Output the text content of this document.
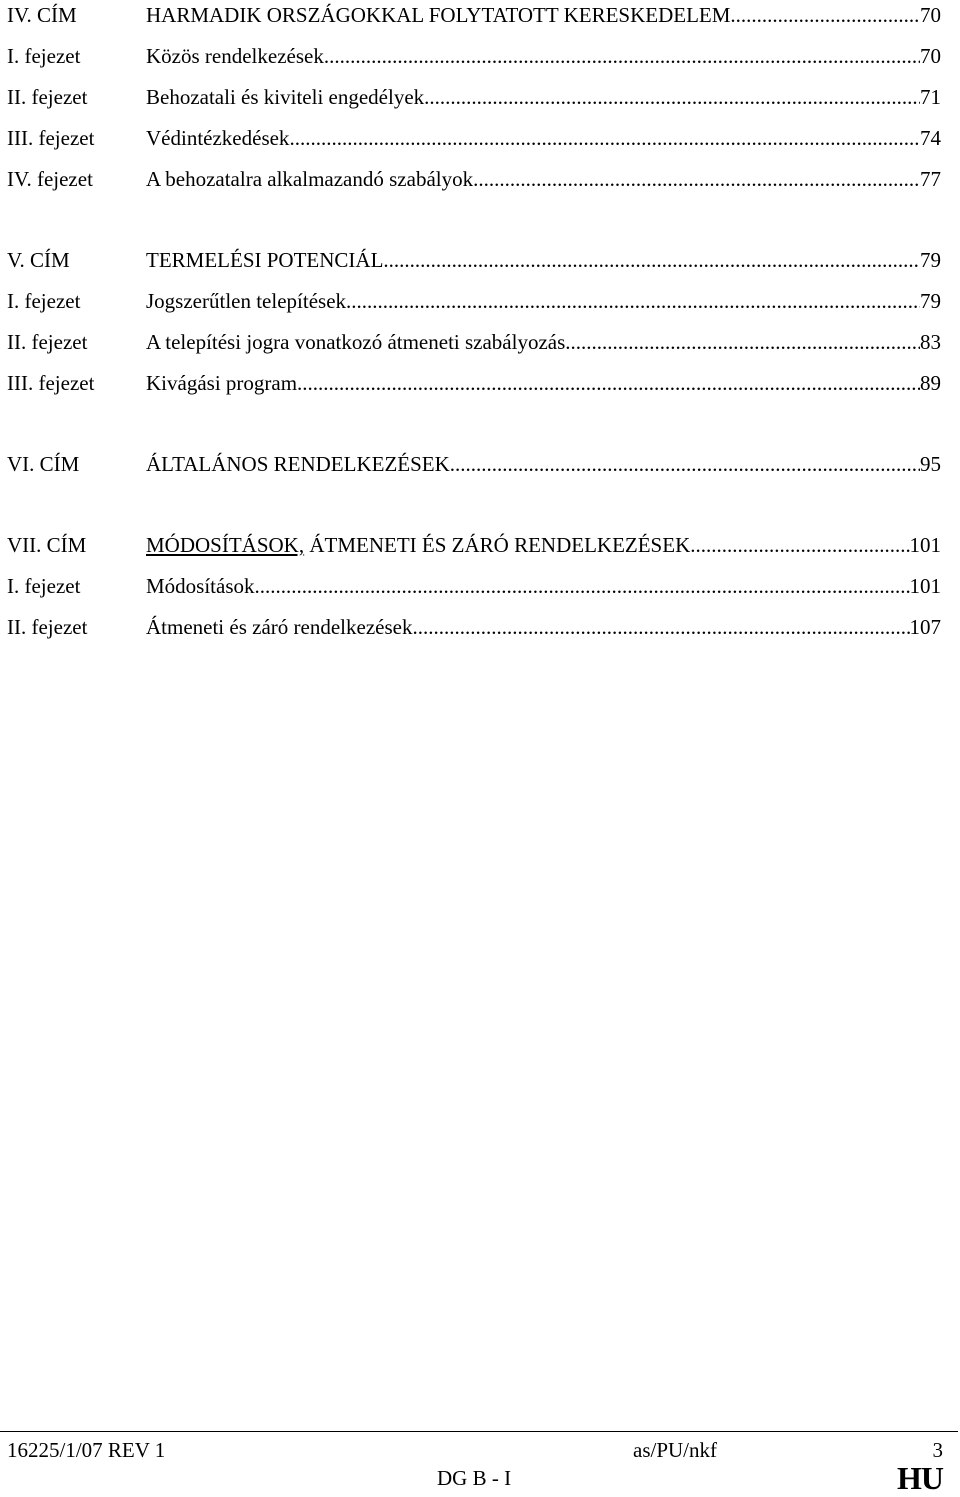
IV. CÍM	HARMADIK ORSZÁGOKKAL FOLYTATOTT KERESKEDELEM .....	70
I. fejezet	Közös rendelkezések .....	70
II. fejezet	Behozatali és kiviteli engedélyek .....	71
III. fejezet	Védintézkedések .....	74
IV. fejezet	A behozatalra alkalmazandó szabályok .....	77
V. CÍM	TERMELÉSI POTENCIÁL .....	79
I. fejezet	Jogszerűtlen telepítések .....	79
II. fejezet	A telepítési jogra vonatkozó átmeneti szabályozás .....	83
III. fejezet	Kivágási program .....	89
VI. CÍM	ÁLTALÁNOS RENDELKEZÉSEK .....	95
VII. CÍM	MÓDOSÍTÁSOK, ÁTMENETI ÉS ZÁRÓ RENDELKEZÉSEK .....	101
I. fejezet	Módosítások .....	101
II. fejezet	Átmeneti és záró rendelkezések .....	107
16225/1/07 REV 1	as/PU/nkf	3
DG B - I	HU
